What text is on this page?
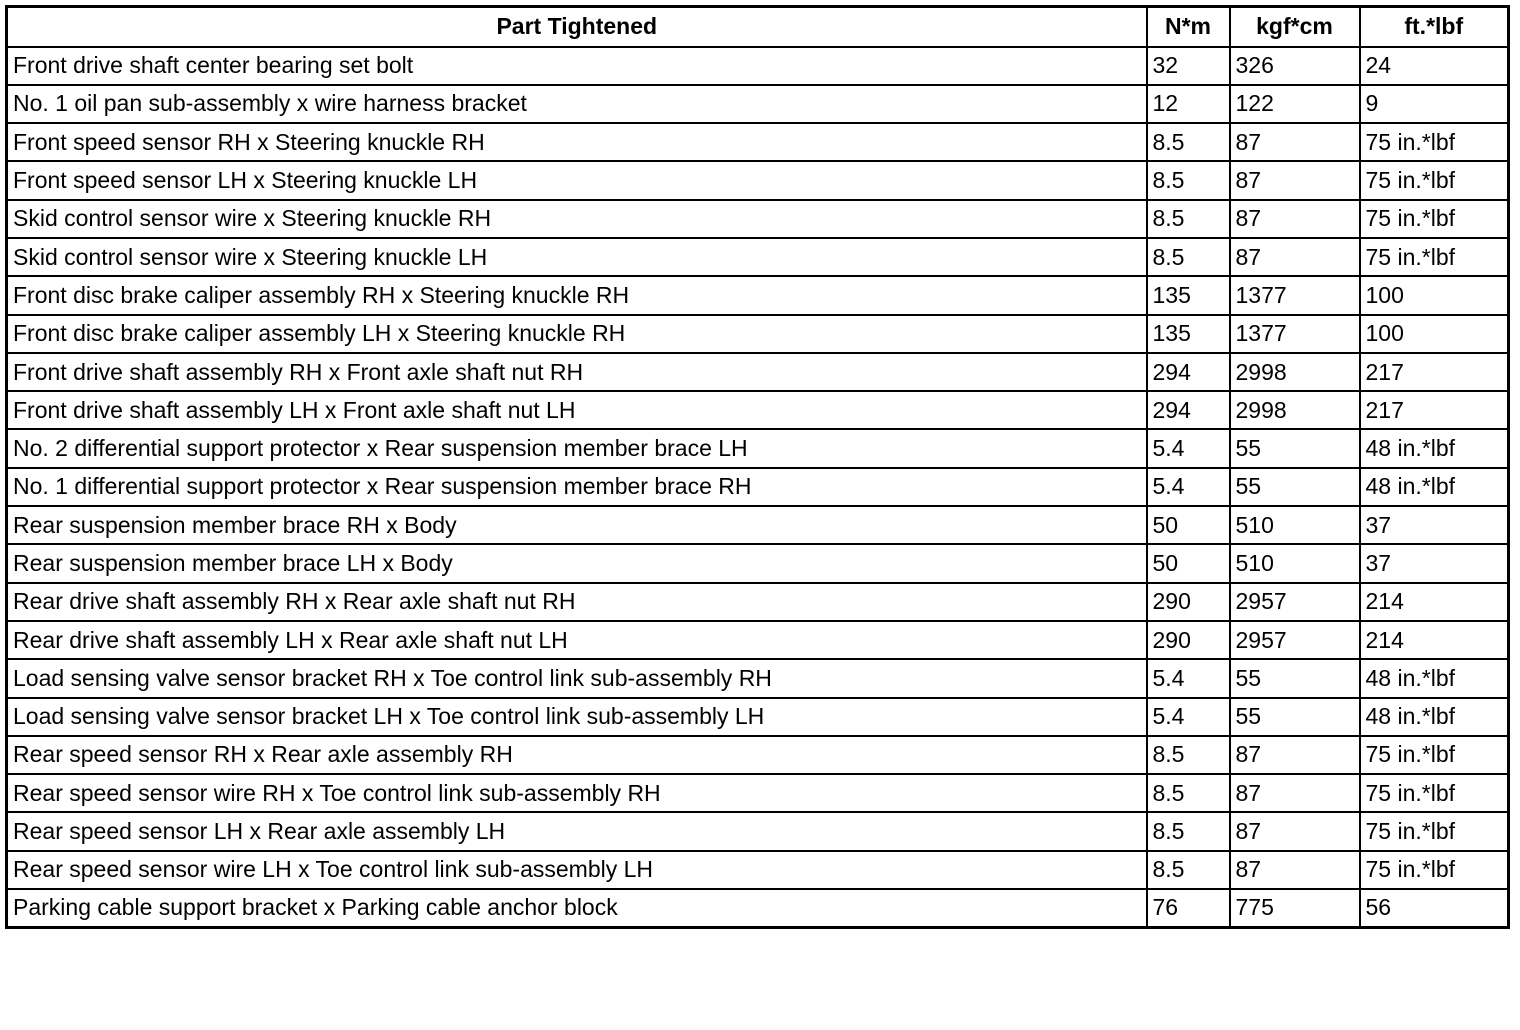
Part Tightened	N*m	kgf*cm	ft.*lbf
Front drive shaft center bearing set bolt	32	326	24
No. 1 oil pan sub-assembly x wire harness bracket	12	122	9
Front speed sensor RH x Steering knuckle RH	8.5	87	75 in.*lbf
Front speed sensor LH x Steering knuckle LH	8.5	87	75 in.*lbf
Skid control sensor wire x Steering knuckle RH	8.5	87	75 in.*lbf
Skid control sensor wire x Steering knuckle LH	8.5	87	75 in.*lbf
Front disc brake caliper assembly RH x Steering knuckle RH	135	1377	100
Front disc brake caliper assembly LH x Steering knuckle RH	135	1377	100
Front drive shaft assembly RH x Front axle shaft nut RH	294	2998	217
Front drive shaft assembly LH x Front axle shaft nut LH	294	2998	217
No. 2 differential support protector x Rear suspension member brace LH	5.4	55	48 in.*lbf
No. 1 differential support protector x Rear suspension member brace RH	5.4	55	48 in.*lbf
Rear suspension member brace RH x Body	50	510	37
Rear suspension member brace LH x Body	50	510	37
Rear drive shaft assembly RH x Rear axle shaft nut RH	290	2957	214
Rear drive shaft assembly LH x Rear axle shaft nut LH	290	2957	214
Load sensing valve sensor bracket RH x Toe control link sub-assembly RH	5.4	55	48 in.*lbf
Load sensing valve sensor bracket LH x Toe control link sub-assembly LH	5.4	55	48 in.*lbf
Rear speed sensor RH x Rear axle assembly RH	8.5	87	75 in.*lbf
Rear speed sensor wire RH x Toe control link sub-assembly RH	8.5	87	75 in.*lbf
Rear speed sensor LH x Rear axle assembly LH	8.5	87	75 in.*lbf
Rear speed sensor wire LH x Toe control link sub-assembly LH	8.5	87	75 in.*lbf
Parking cable support bracket x Parking cable anchor block	76	775	56
